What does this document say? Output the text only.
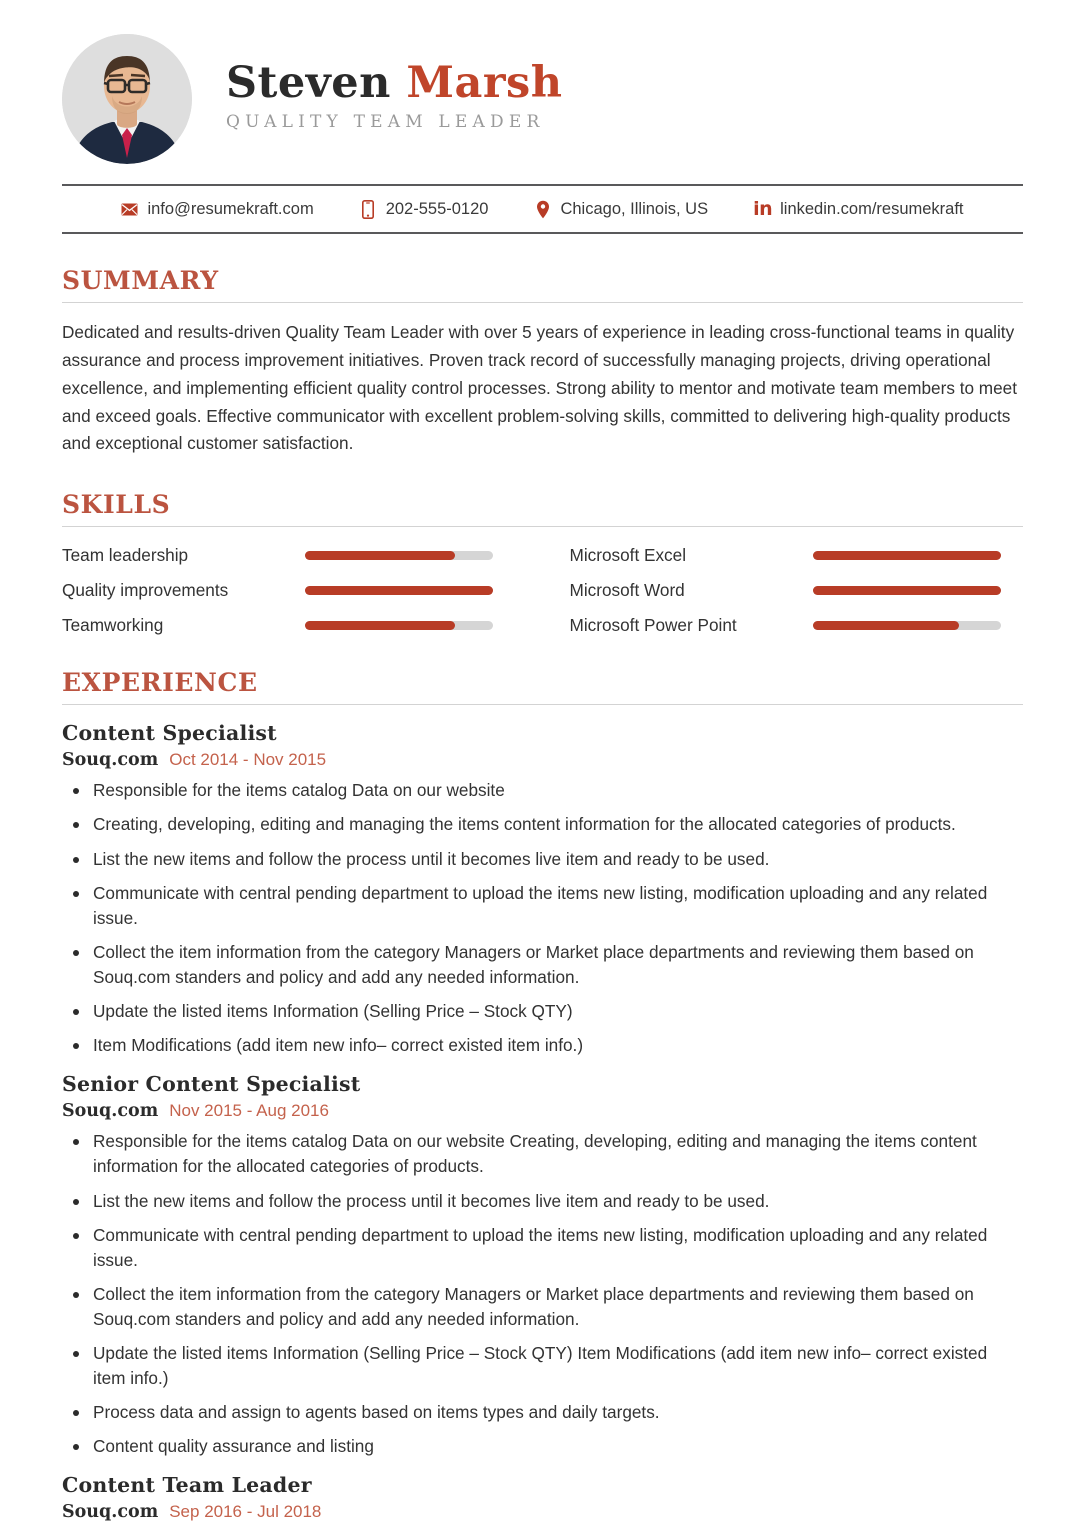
Steven Marsh
QUALITY TEAM LEADER
info@resumekraft.com	202-555-0120	Chicago, Illinois, US in linkedin.com/resumekraft
SUMMARY

Dedicated and results-driven Quality Team Leader with over 5 years of experience in leading cross-functional teams in quality assurance and process improvement initiatives. Proven track record of successfully managing projects, driving operational excellence, and implementing efficient quality control processes. Strong ability to mentor and motivate team members to meet and exceed goals. Effective communicator with excellent problem-solving skills, committed to delivering high-quality products and exceptional customer satisfaction.

SKILLS
Team leadership	Microsoft Excel
Quality improvements	Microsoft Word
Teamworking	Microsoft Power Point
EXPERIENCE
Content Specialist
Souq.com Oct 2014 - Nov 2015
Responsible for the items catalog Data on our website
Creating, developing, editing and managing the items content information for the allocated categories of products.
List the new items and follow the process until it becomes live item and ready to be used.
Communicate with central pending department to upload the items new listing, modification uploading and any related issue.
Collect the item information from the category Managers or Market place departments and reviewing them based on Souq.com standers and policy and add any needed information.
Update the listed items Information (Selling Price – Stock QTY)
Item Modifications (add item new info– correct existed item info.)
Senior Content Specialist
Souq.com Nov 2015 - Aug 2016
Responsible for the items catalog Data on our website Creating, developing, editing and managing the items content information for the allocated categories of products.
List the new items and follow the process until it becomes live item and ready to be used.
Communicate with central pending department to upload the items new listing, modification uploading and any related issue.
Collect the item information from the category Managers or Market place departments and reviewing them based on Souq.com standers and policy and add any needed information.
Update the listed items Information (Selling Price – Stock QTY) Item Modifications (add item new info– correct existed item info.)
Process data and assign to agents based on items types and daily targets.
Content quality assurance and listing
Content Team Leader
Souq.com Sep 2016 - Jul 2018
